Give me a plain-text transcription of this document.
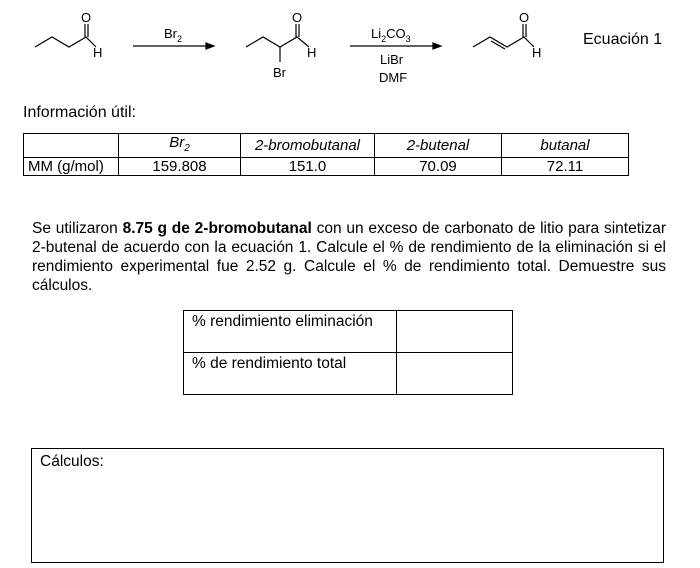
O
H
O
H
Br
O
H
$Br_2$	$Li_2CO_3$
LiBr
DMF
Ecuación 1
Información útil:
	$Br_2$	2-bromobutanal	2-butenal	butanal
MM (g/mol)	159.808	151.0	70.09	72.11
Se utilizaron 8.75 g de 2-bromobutanal con un exceso de carbonato de litio para sintetizar 2-butenal de acuerdo con la ecuación 1. Calcule el % de rendimiento de la eliminación si el rendimiento experimental fue 2.52 g. Calcule el % de rendimiento total. Demuestre sus cálculos.
% rendimiento eliminación	
% de rendimiento total	
Cálculos:
